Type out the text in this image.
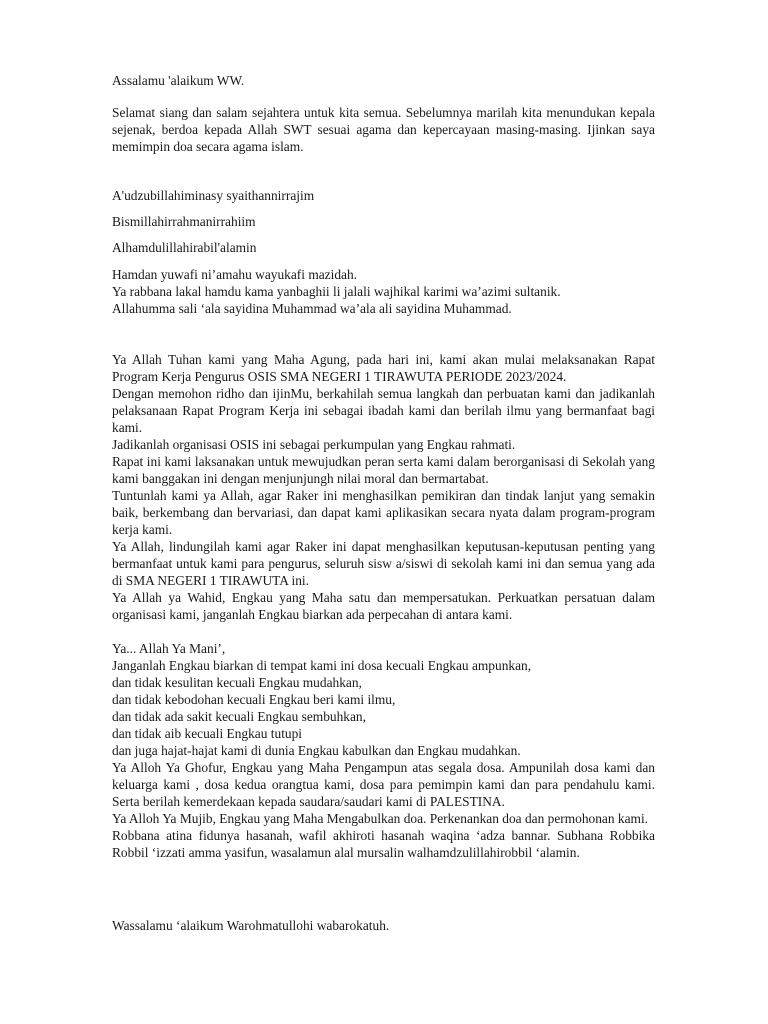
Assalamu 'alaikum WW.

Selamat siang dan salam sejahtera untuk kita semua. Sebelumnya marilah kita menundukan kepala sejenak, berdoa kepada Allah SWT sesuai agama dan kepercayaan masing-masing. Ijinkan saya memimpin doa secara agama islam.

A'udzubillahiminasy syaithannirrajim

Bismillahirrahmanirrahiim

Alhamdulillahirabil'alamin

Hamdan yuwafi ni’amahu wayukafi mazidah.
Ya rabbana lakal hamdu kama yanbaghii li jalali wajhikal karimi wa’azimi sultanik.
Allahumma sali ‘ala sayidina Muhammad wa’ala ali sayidina Muhammad.
Ya Allah Tuhan kami yang Maha Agung, pada hari ini, kami akan mulai melaksanakan Rapat Program Kerja Pengurus OSIS SMA NEGERI 1 TIRAWUTA PERIODE 2023/2024.
Dengan memohon ridho dan ijinMu, berkahilah semua langkah dan perbuatan kami dan jadikanlah pelaksanaan Rapat Program Kerja ini sebagai ibadah kami dan berilah ilmu yang bermanfaat bagi kami.
Jadikanlah organisasi OSIS ini sebagai perkumpulan yang Engkau rahmati.
Rapat ini kami laksanakan untuk mewujudkan peran serta kami dalam berorganisasi di Sekolah yang kami banggakan ini dengan menjunjungh nilai moral dan bermartabat.
Tuntunlah kami ya Allah, agar Raker ini menghasilkan pemikiran dan tindak lanjut yang semakin baik, berkembang dan bervariasi, dan dapat kami aplikasikan secara nyata dalam program-program kerja kami.
Ya Allah, lindungilah kami agar Raker ini dapat menghasilkan keputusan-keputusan penting yang bermanfaat untuk kami para pengurus, seluruh sisw a/siswi di sekolah kami ini dan semua yang ada di SMA NEGERI 1 TIRAWUTA ini.
Ya Allah ya Wahid, Engkau yang Maha satu dan mempersatukan. Perkuatkan persatuan dalam organisasi kami, janganlah Engkau biarkan ada perpecahan di antara kami.
Ya... Allah Ya Mani’,
Janganlah Engkau biarkan di tempat kami ini dosa kecuali Engkau ampunkan,
dan tidak kesulitan kecuali Engkau mudahkan,
dan tidak kebodohan kecuali Engkau beri kami ilmu,
dan tidak ada sakit kecuali Engkau sembuhkan,
dan tidak aib kecuali Engkau tutupi
dan juga hajat-hajat kami di dunia Engkau kabulkan dan Engkau mudahkan.
Ya Alloh Ya Ghofur, Engkau yang Maha Pengampun atas segala dosa. Ampunilah dosa kami dan keluarga kami , dosa kedua orangtua kami, dosa para pemimpin kami dan para pendahulu kami. Serta berilah kemerdekaan kepada saudara/saudari kami di PALESTINA.
Ya Alloh Ya Mujib, Engkau yang Maha Mengabulkan doa. Perkenankan doa dan permohonan kami.
Robbana atina fidunya hasanah, wafil akhiroti hasanah waqina ‘adza bannar. Subhana Robbika Robbil ‘izzati amma yasifun, wasalamun alal mursalin walhamdzulillahirobbil ‘alamin.

Wassalamu ‘alaikum Warohmatullohi wabarokatuh.
